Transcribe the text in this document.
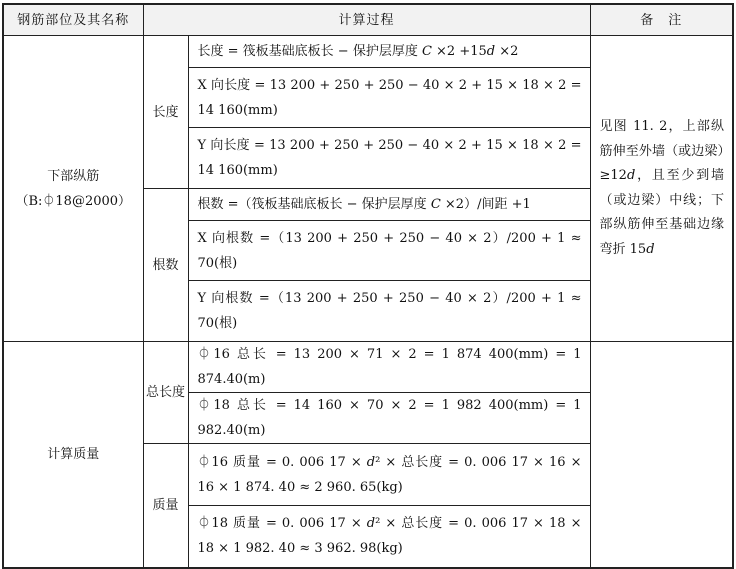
钢筋部位及其名称	计算过程		备　注

下部纵筋
（B:⏀18@2000）	长度	长度 = 筏板基础底板长 − 保护层厚度 C ×2 +15d ×2	见图 11. 2，上部纵筋伸至外墙（或边梁）≥12d，且至少到墙（或边梁）中线；下部纵筋伸至基础边缘弯折 15d
		X 向长度 = 13 200 + 250 + 250 − 40 × 2 + 15 × 18 × 2 = 14 160(mm)	
		Y 向长度 = 13 200 + 250 + 250 − 40 × 2 + 15 × 18 × 2 = 14 160(mm)	
	根数	根数 =（筏板基础底板长 − 保护层厚度 C ×2）/间距 +1	
		X 向根数 =（13 200 + 250 + 250 − 40 × 2）/200 + 1 ≈ 70(根)	
		Y 向根数 =（13 200 + 250 + 250 − 40 × 2）/200 + 1 ≈ 70(根)	
计算质量	总长度	⏀16 总长 = 13 200 × 71 × 2 = 1 874 400(mm) = 1 874.40(m)	
		⏀18 总长 = 14 160 × 70 × 2 = 1 982 400(mm) = 1 982.40(m)	
	质量	⏀16 质量 = 0. 006 17 × d² × 总长度 = 0. 006 17 × 16 × 16 × 1 874. 40 ≈ 2 960. 65(kg)	
		⏀18 质量 = 0. 006 17 × d² × 总长度 = 0. 006 17 × 18 × 18 × 1 982. 40 ≈ 3 962. 98(kg)	
